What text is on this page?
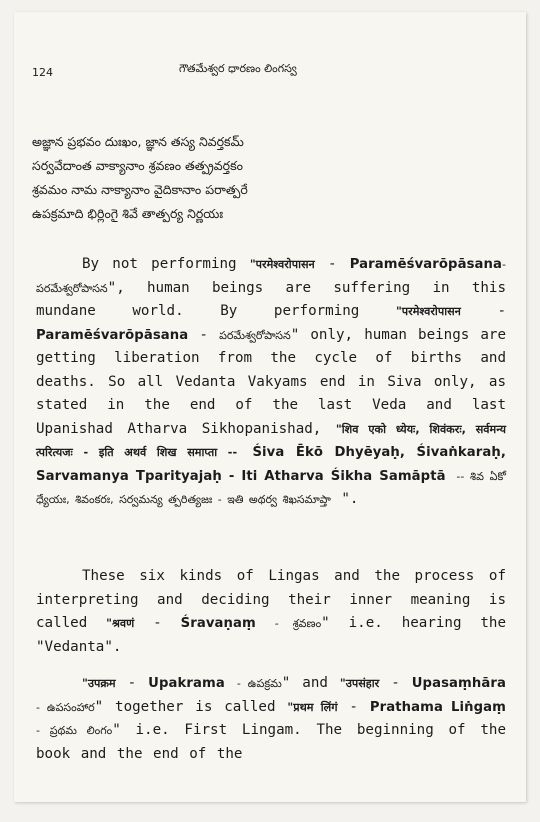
124	గౌతమేశ్వర ధారణం లింగస్వ
అజ్ఞాన ప్రభవం దుఃఖం, జ్ఞాన తస్య నివర్తకమ్
సర్వవేదాంత వాక్యానాం శ్రవణం తత్ప్రవర్తకం
శ్రవమం నామ నాక్యానాం వైదికానాం పరాత్పరే
ఉపక్రమాది భిర్లింగై శివే తాత్పర్య నిర్ణయః
By not performing "परमेश्वरोपासन - Paramēśvarōpāsana- పరమేశ్వరోపాసన", human beings are suffering in this mundane world. By performing	"परमेश्वरोपासन	- Paramēśvarōpāsana - పరమేశ్వరోపాసన" only, human beings are getting liberation from the cycle of births and deaths. So all Vedanta Vakyams end in Siva only, as stated in the end of the last Veda and last Upanishad Atharva Sikhopanishad, "शिव एको ध्येयः, शिवंकरः, सर्वमन्य त्परित्यजः - इति अथर्व शिख समाप्ता -- Śiva Ēkō Dhyēyaḥ, Śivaṅkaraḥ, Sarvamanya Tparityajaḥ - Iti Atharva Śikha Samāptā -- శివ ఏకో ధ్యేయః, శివంకరః, సర్వమన్య త్పరిత్యజః - ఇతి అథర్వ శిఖసమాప్తా ".
These six kinds of Lingas and the process of interpreting and deciding their inner meaning is called "श्रवणं - Śravaṇaṃ - శ్రవణం" i.e. hearing the "Vedanta".
"उपक्रम - Upakrama - ఉపక్రమ" and "उपसंहार - Upasaṃhāra - ఉపసంహార" together is called "प्रथम लिंगं - Prathama Liṅgaṃ - ప్రథమ లింగం" i.e. First Lingam. The beginning of the book and the end of the
